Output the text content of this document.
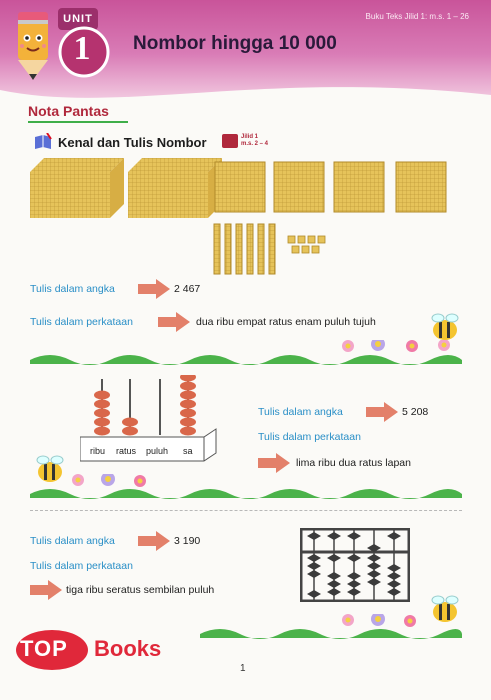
Buku Teks Jilid 1: m.s. 1 – 26
UNIT
1	Nombor hingga 10 000
Nota Pantas
Kenal dan Tulis Nombor	Jilid 1
m.s. 2 – 4
Tulis dalam angka	2 467
Tulis dalam perkataan	dua ribu empat ratus enam puluh tujuh
ribu ratus puluh sa
Tulis dalam angka	5 208
Tulis dalam perkataan
lima ribu dua ratus lapan
Tulis dalam angka	3 190
Tulis dalam perkataan
tiga ribu seratus sembilan puluh
TOP Books
1
